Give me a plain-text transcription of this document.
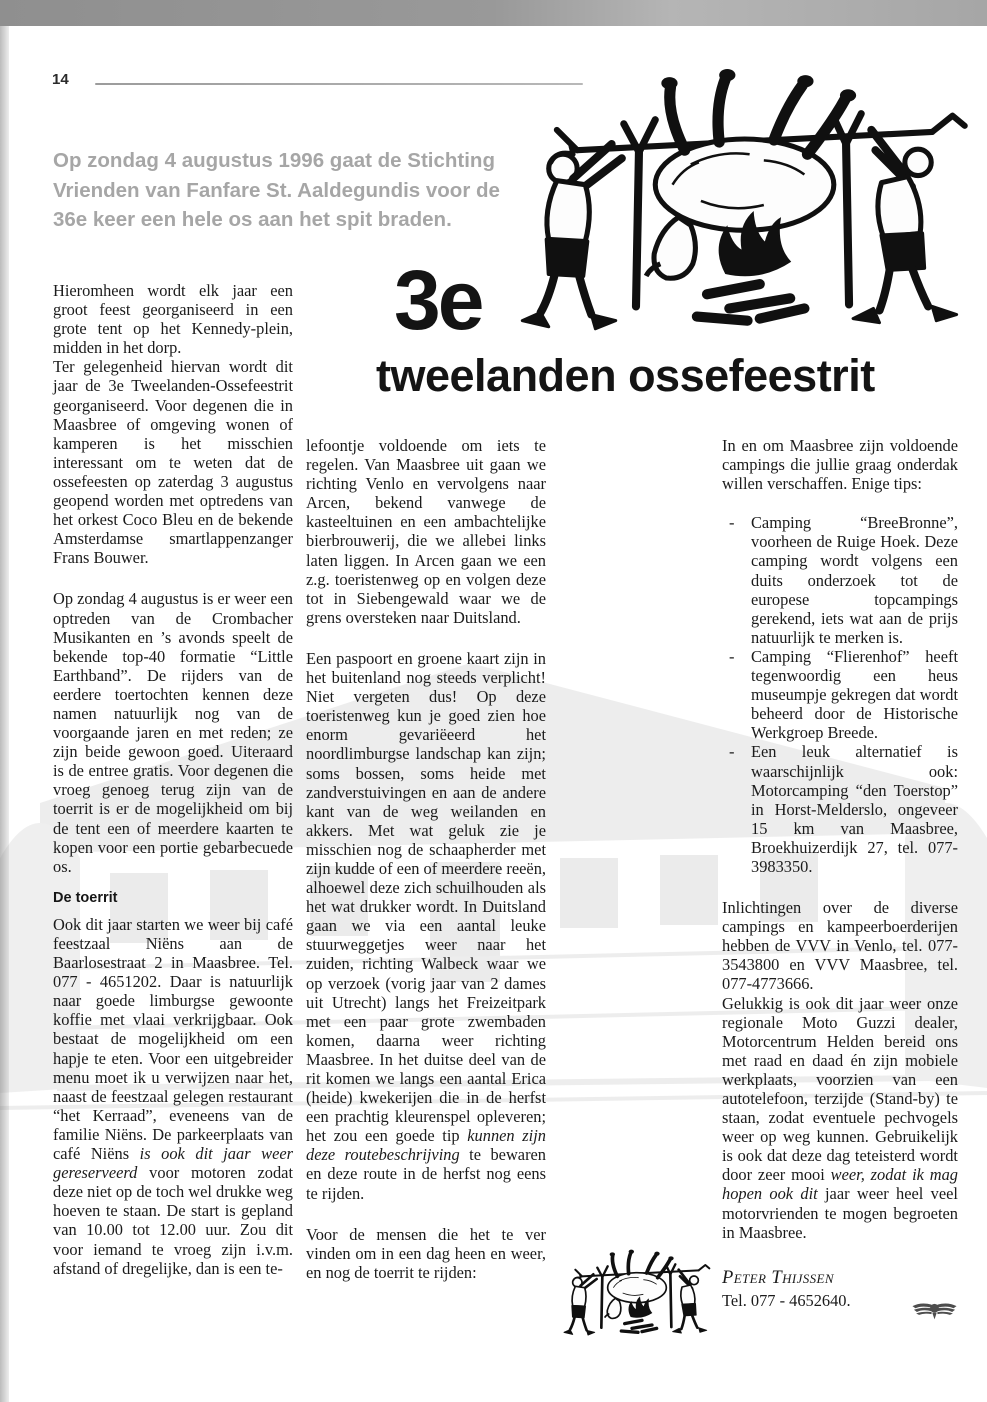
14
Op zondag 4 augustus 1996 gaat de Stichting Vrienden van Fanfare St. Aaldegundis voor de 36e keer een hele os aan het spit braden.
3e
tweelanden ossefeestrit

Hieromheen wordt elk jaar een groot feest georganiseerd in een grote tent op het Kennedy-plein, midden in het dorp.

Ter gelegenheid hiervan wordt dit jaar de 3e Tweelanden-Ossefeestrit georganiseerd. Voor degenen die in Maasbree of omgeving wonen of kamperen is het misschien interessant om te weten dat de ossefeesten op zaterdag 3 augustus geopend worden met optredens van het orkest Coco Bleu en de bekende Amsterdamse smartlappenzanger Frans Bouwer.

Op zondag 4 augustus is er weer een optreden van de Crombacher Musikanten en ’s avonds speelt de bekende top-40 formatie “Little Earthband”. De rijders van de eerdere toertochten kennen deze namen natuurlijk nog van de voorgaande jaren en met reden; ze zijn beide gewoon goed. Uiteraard is de entree gratis. Voor degenen die vroeg genoeg terug zijn van de toerrit is er de mogelijkheid om bij de tent een of meerdere kaarten te kopen voor een portie gebarbecuede os.

De toerrit

Ook dit jaar starten we weer bij café feestzaal Niëns aan de Baarlosestraat 2 in Maasbree. Tel. 077 - 4651202. Daar is natuurlijk naar goede limburgse gewoonte koffie met vlaai verkrijgbaar. Ook bestaat de mogelijkheid om een hapje te eten. Voor een uitgebreider menu moet ik u verwijzen naar het, naast de feestzaal gelegen restaurant “het Kerraad”, eveneens van de familie Niëns. De parkeerplaats van café Niëns is ook dit jaar weer gereserveerd voor motoren zodat deze niet op de toch wel drukke weg hoeven te staan. De start is gepland van 10.00 tot 12.00 uur. Zou dit voor iemand te vroeg zijn i.v.m. afstand of dregelijke, dan is een te-

lefoontje voldoende om iets te regelen. Van Maasbree uit gaan we richting Venlo en vervolgens naar Arcen, bekend vanwege de kasteeltuinen en een ambachtelijke bierbrouwerij, die we allebei links laten liggen. In Arcen gaan we een z.g. toeristenweg op en volgen deze tot in Siebengewald waar we de grens oversteken naar Duitsland.

Een paspoort en groene kaart zijn in het buitenland nog steeds verplicht! Niet vergeten dus! Op deze toeristenweg kun je goed zien hoe enorm gevariëeerd het noordlimburgse landschap kan zijn; soms bossen, soms heide met zandverstuivingen en aan de andere kant van de weg weilanden en akkers. Met wat geluk zie je misschien nog de schaapherder met zijn kudde of een of meerdere reeën, alhoewel deze zich schuilhouden als het wat drukker wordt. In Duitsland gaan we via een aantal leuke stuurweggetjes weer naar het zuiden, richting Walbeck waar we op verzoek (vorig jaar van 2 dames uit Utrecht) langs het Freizeitpark met een paar grote zwembaden komen, daarna weer richting Maasbree. In het duitse deel van de rit komen we langs een aantal Erica (heide) kwekerijen die in de herfst een prachtig kleurenspel opleveren; het zou een goede tip kunnen zijn deze routebeschrijving te bewaren en deze route in de herfst nog eens te rijden.

Voor de mensen die het te ver vinden om in een dag heen en weer, en nog de toerrit te rijden:

In en om Maasbree zijn voldoende campings die jullie graag onderdak willen verschaffen. Enige tips:

-	Camping “BreeBronne”, voorheen de Ruige Hoek. Deze camping wordt volgens een duits onderzoek tot de europese topcampings gerekend, iets wat aan de prijs natuurlijk te merken is.
-	Camping “Flierenhof” heeft tegenwoordig een heus museumpje gekregen dat wordt beheerd door de Historische Werkgroep Breede.
-	Een leuk alternatief is waarschijnlijk ook: Motorcamping “den Toerstop” in Horst-Melderslo, ongeveer 15 km van Maasbree, Broekhuizerdijk 27, tel. 077-3983350.

Inlichtingen over de diverse campings en kampeerboerderijen hebben de VVV in Venlo, tel. 077-3543800 en VVV Maasbree, tel. 077-4773666.

Gelukkig is ook dit jaar weer onze regionale Moto Guzzi dealer, Motorcentrum Helden bereid ons met raad en daad én zijn mobiele werkplaats, voorzien van een autotelefoon, terzijde (Stand-by) te staan, zodat eventuele pechvogels weer op weg kunnen. Gebruikelijk is ook dat deze dag teteisterd wordt door zeer mooi weer, zodat ik mag hopen ook dit jaar weer heel veel motorvrienden te mogen begroeten in Maasbree.

Peter Thijssen
Tel. 077 - 4652640.
